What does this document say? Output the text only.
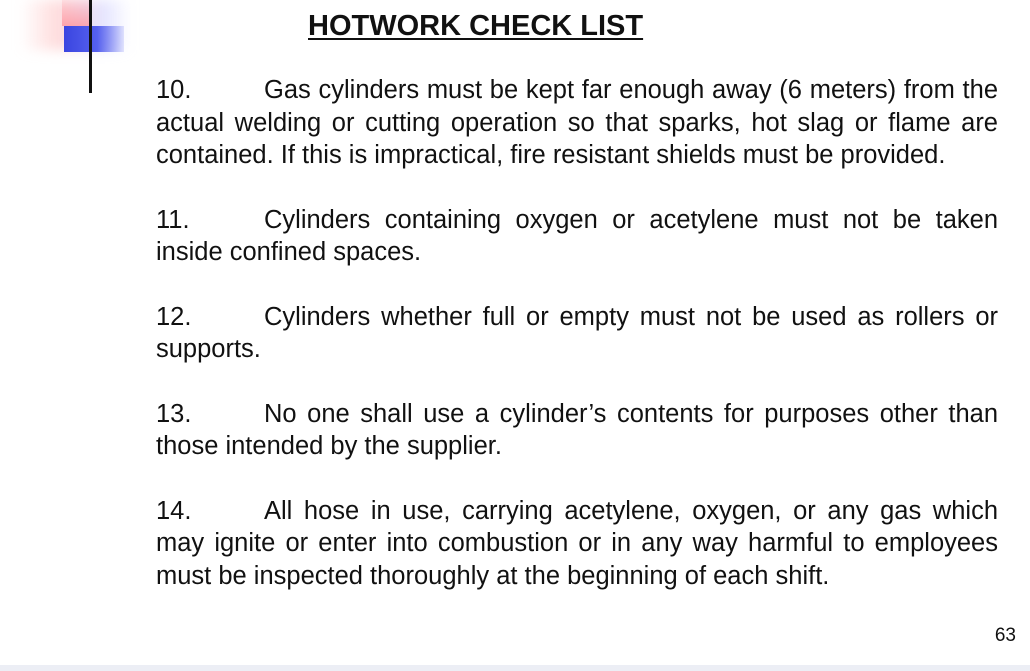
HOTWORK CHECK LIST
10.	Gas cylinders must be kept far enough away (6 meters) from the actual welding or cutting operation so that sparks, hot slag or flame are contained. If this is impractical, fire resistant shields must be provided.
11.	Cylinders containing oxygen or acetylene must not be taken inside confined spaces.
12.	Cylinders whether full or empty must not be used as rollers or supports.
13.	No one shall use a cylinder’s contents for purposes other than those intended by the supplier.
14.	All hose in use, carrying acetylene, oxygen, or any gas which may ignite or enter into combustion or in any way harmful to employees must be inspected thoroughly at the beginning of each shift.
63
